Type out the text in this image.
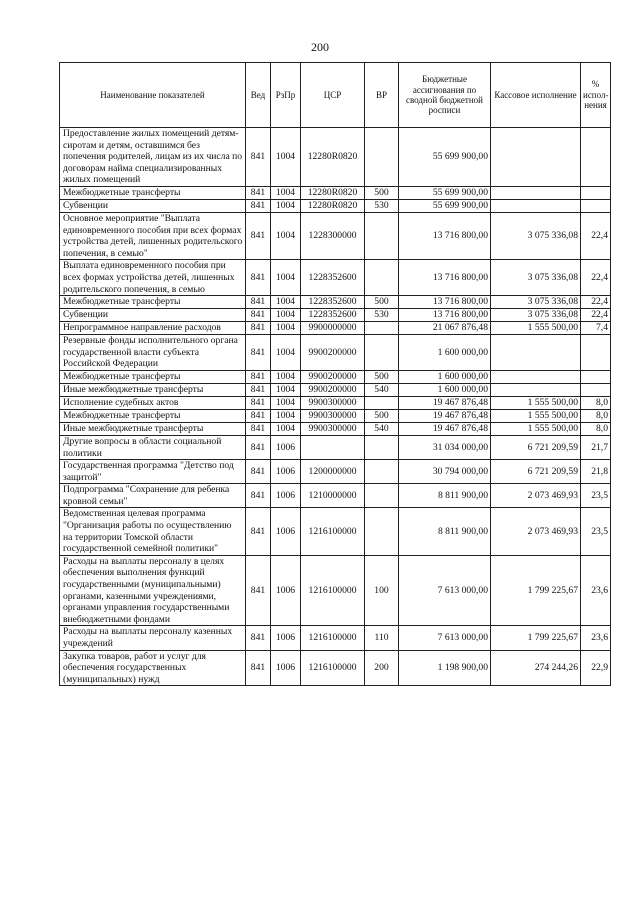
200
Наименование показателей	Вед	РзПр	ЦСР	ВР	Бюджетные ассигнования по сводной бюджетной росписи	Кассовое исполнение	% испол-нения
Предоставление жилых помещений детям-сиротам и детям, оставшимся без попечения родителей, лицам из их числа по договорам найма специализированных жилых помещений	841	1004	12280R0820		55 699 900,00		
Межбюджетные трансферты	841	1004	12280R0820	500	55 699 900,00		
Субвенции	841	1004	12280R0820	530	55 699 900,00		
Основное мероприятие "Выплата единовременного пособия при всех формах устройства детей, лишенных родительского попечения, в семью"	841	1004	1228300000		13 716 800,00	3 075 336,08	22,4
Выплата единовременного пособия при всех формах устройства детей, лишенных родительского попечения, в семью	841	1004	1228352600		13 716 800,00	3 075 336,08	22,4
Межбюджетные трансферты	841	1004	1228352600	500	13 716 800,00	3 075 336,08	22,4
Субвенции	841	1004	1228352600	530	13 716 800,00	3 075 336,08	22,4
Непрограммное направление расходов	841	1004	9900000000		21 067 876,48	1 555 500,00	7,4
Резервные фонды исполнительного органа государственной власти субъекта Российской Федерации	841	1004	9900200000		1 600 000,00		
Межбюджетные трансферты	841	1004	9900200000	500	1 600 000,00		
Иные межбюджетные трансферты	841	1004	9900200000	540	1 600 000,00		
Исполнение судебных актов	841	1004	9900300000		19 467 876,48	1 555 500,00	8,0
Межбюджетные трансферты	841	1004	9900300000	500	19 467 876,48	1 555 500,00	8,0
Иные межбюджетные трансферты	841	1004	9900300000	540	19 467 876,48	1 555 500,00	8,0
Другие вопросы в области социальной политики	841	1006			31 034 000,00	6 721 209,59	21,7
Государственная программа "Детство под защитой"	841	1006	1200000000		30 794 000,00	6 721 209,59	21,8
Подпрограмма "Сохранение для ребенка кровной семьи"	841	1006	1210000000		8 811 900,00	2 073 469,93	23,5
Ведомственная целевая программа "Организация работы по осуществлению на территории Томской области государственной семейной политики"	841	1006	1216100000		8 811 900,00	2 073 469,93	23,5
Расходы на выплаты персоналу в целях обеспечения выполнения функций государственными (муниципальными) органами, казенными учреждениями, органами управления государственными внебюджетными фондами	841	1006	1216100000	100	7 613 000,00	1 799 225,67	23,6
Расходы на выплаты персоналу казенных учреждений	841	1006	1216100000	110	7 613 000,00	1 799 225,67	23,6
Закупка товаров, работ и услуг для обеспечения государственных (муниципальных) нужд	841	1006	1216100000	200	1 198 900,00	274 244,26	22,9
